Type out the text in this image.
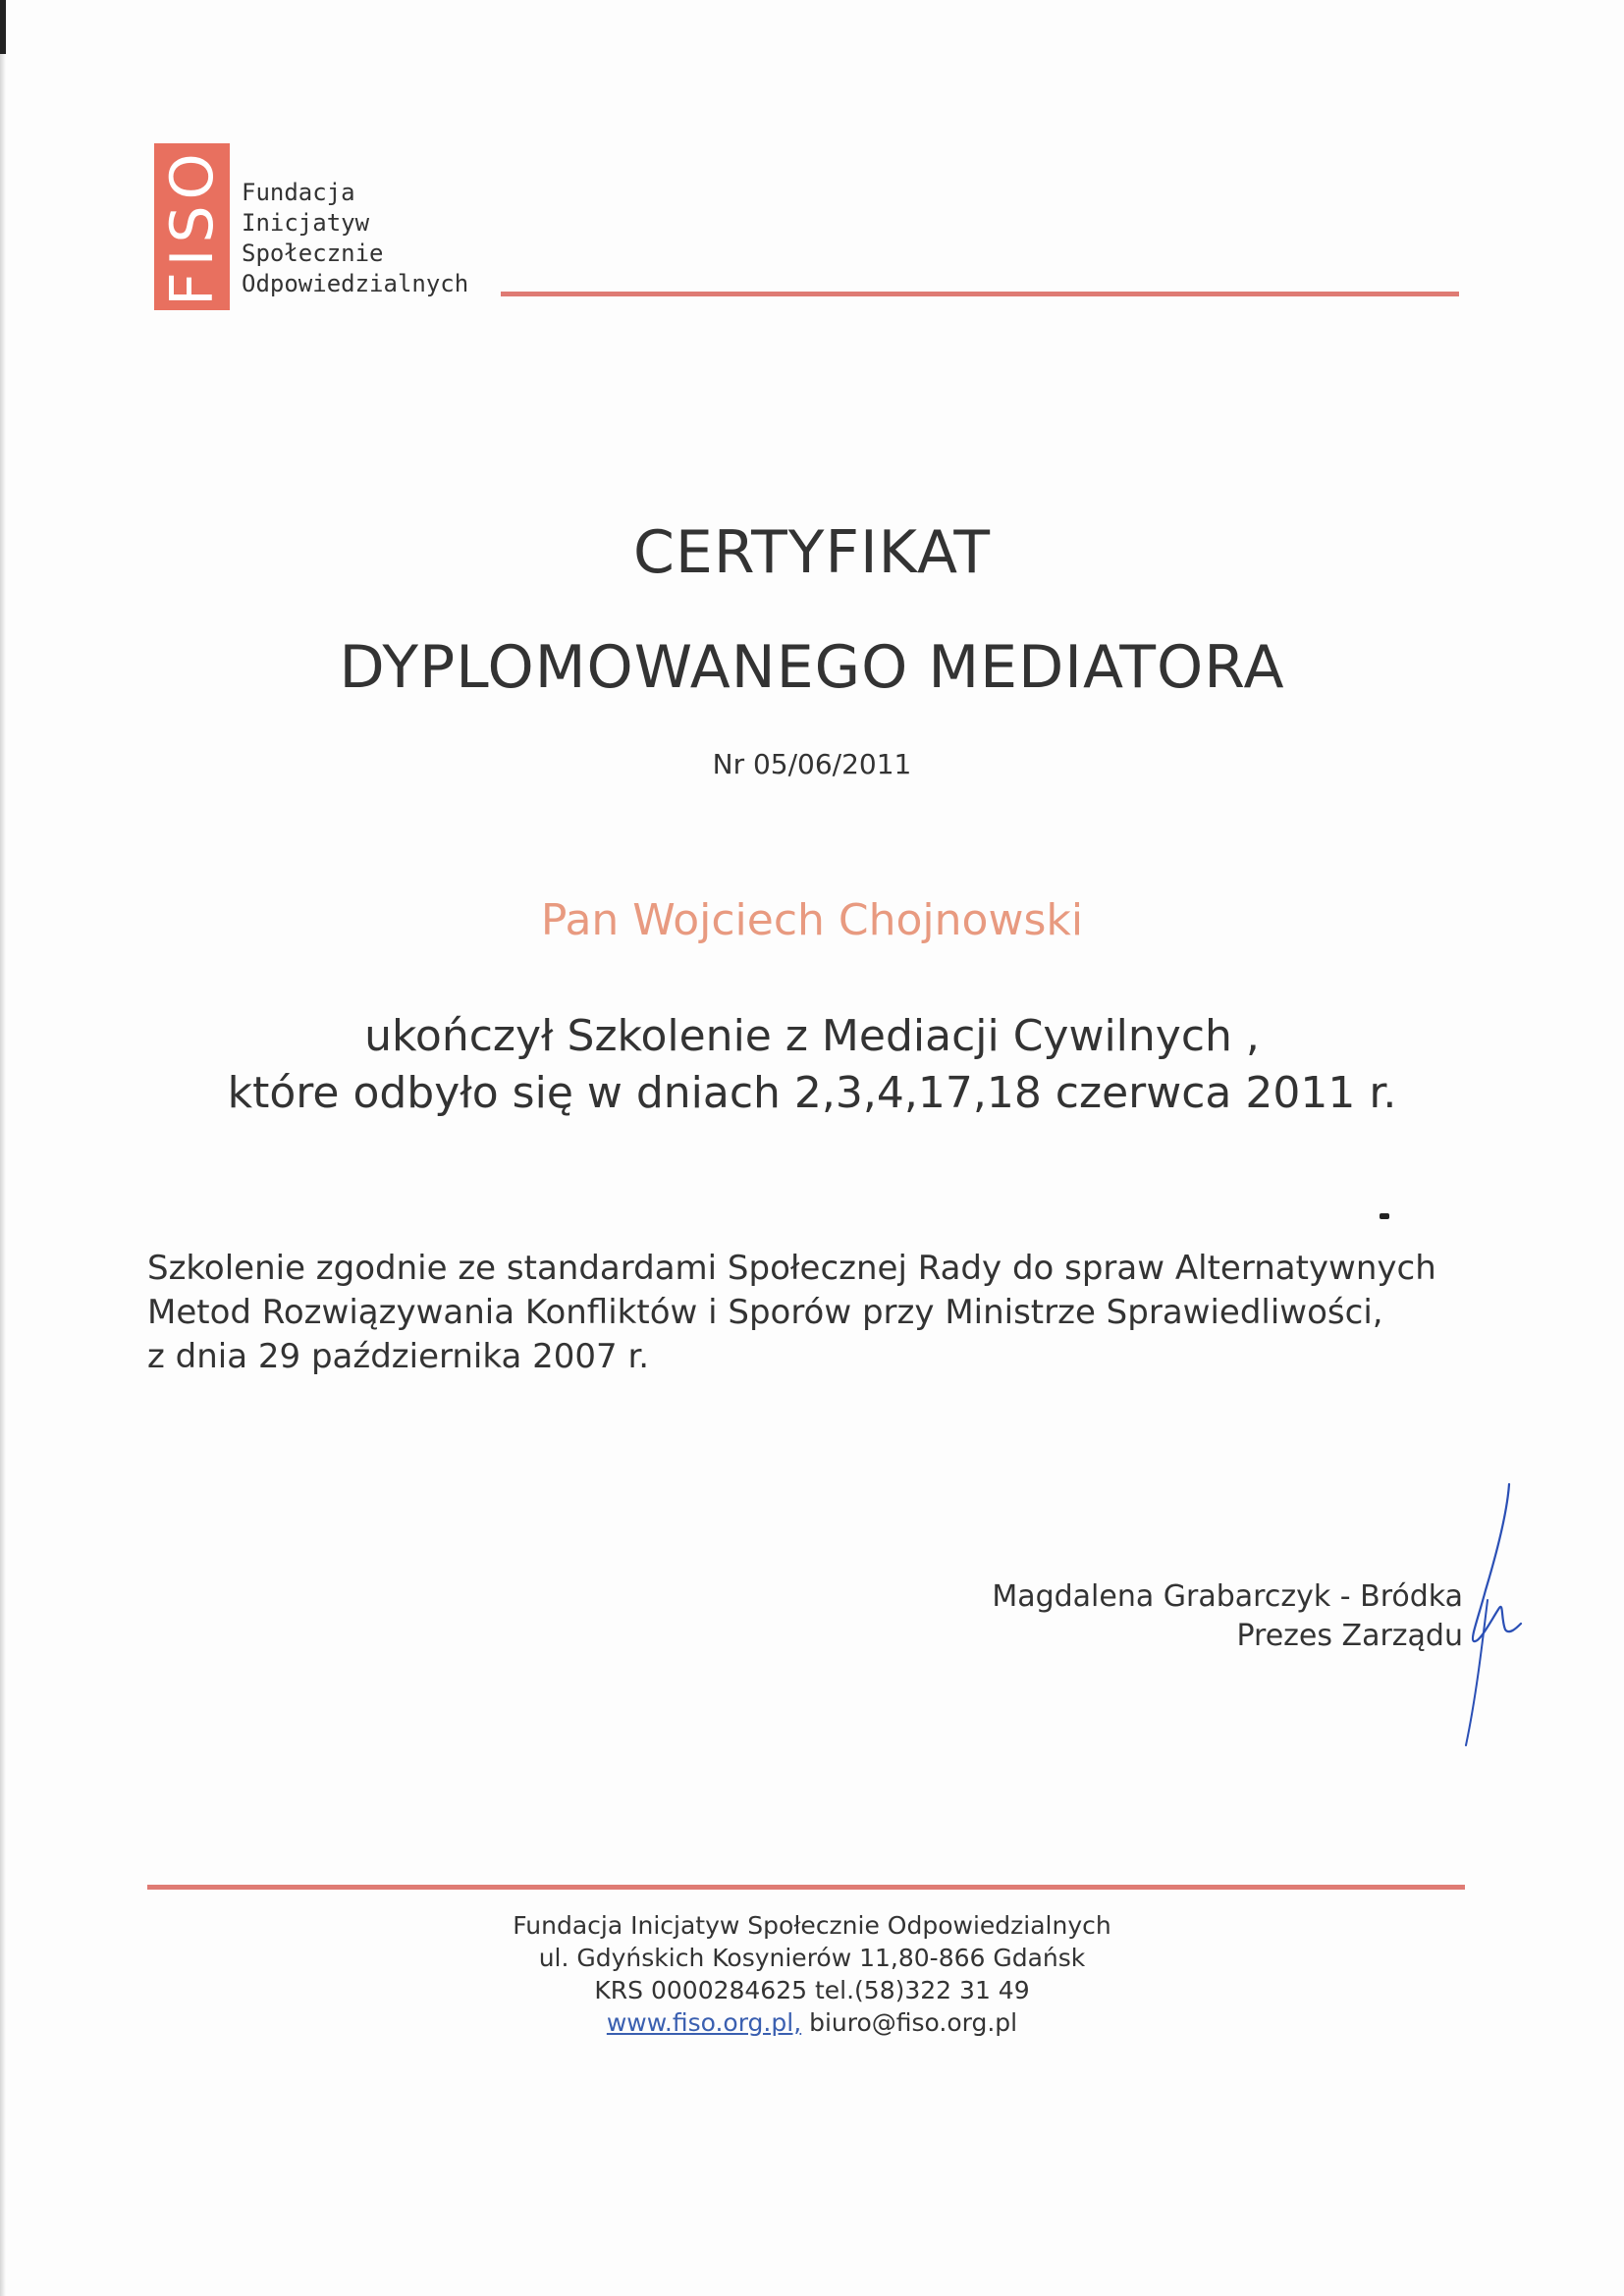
FISO Fundacja
Inicjatyw
Społecznie
Odpowiedzialnych
CERTYFIKAT
DYPLOMOWANEGO MEDIATORA
Nr 05/06/2011
Pan Wojciech Chojnowski
ukończył Szkolenie z Mediacji Cywilnych ,
które odbyło się w dniach 2,3,4,17,18 czerwca 2011 r.
Szkolenie zgodnie ze standardami Społecznej Rady do spraw Alternatywnych
Metod Rozwiązywania Konfliktów i Sporów przy Ministrze Sprawiedliwości,
z dnia 29 października 2007 r.
Magdalena Grabarczyk - Bródka
Prezes Zarządu
Fundacja Inicjatyw Społecznie Odpowiedzialnych
ul. Gdyńskich Kosynierów 11,80-866 Gdańsk
KRS 0000284625 tel.(58)322 31 49
www.fiso.org.pl, biuro@fiso.org.pl
